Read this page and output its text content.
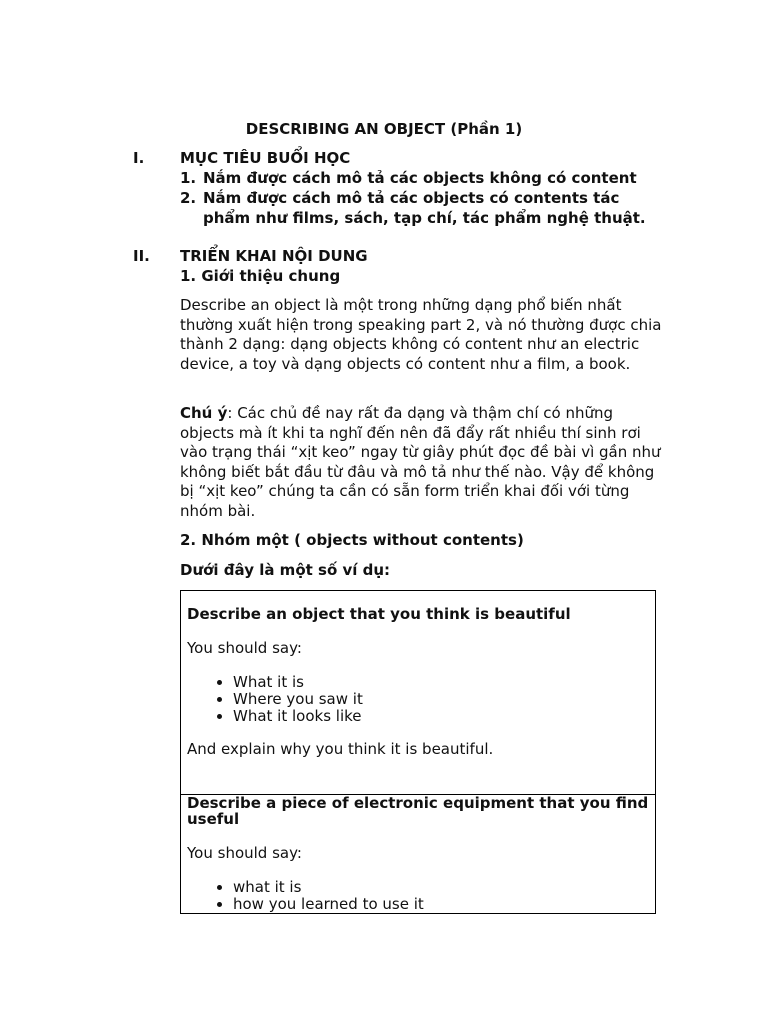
DESCRIBING AN OBJECT (Phần 1)
I. MỤC TIÊU BUỔI HỌC
1. Nắm được cách mô tả các objects không có content
2. Nắm được cách mô tả các objects có contents tác phẩm như films, sách, tạp chí, tác phẩm nghệ thuật.
II. TRIỂN KHAI NỘI DUNG
1. Giới thiệu chung
Describe an object là một trong những dạng phổ biến nhất thường xuất hiện trong speaking part 2, và nó thường được chia thành 2 dạng: dạng objects không có content như an electric device, a toy và dạng objects có content như a film, a book.
Chú ý: Các chủ đề nay rất đa dạng và thậm chí có những objects mà ít khi ta nghĩ đến nên đã đẩy rất nhiều thí sinh rơi vào trạng thái “xịt keo” ngay từ giây phút đọc đề bài vì gần như không biết bắt đầu từ đâu và mô tả như thế nào. Vậy để không bị “xịt keo” chúng ta cần có sẵn form triển khai đối với từng nhóm bài.
2. Nhóm một ( objects without contents)
Dưới đây là một số ví dụ:

Describe an object that you think is beautiful

You should say:

• What it is
• Where you saw it
• What it looks like

And explain why you think it is beautiful.

Describe a piece of electronic equipment that you find useful

You should say:

• what it is
• how you learned to use it
